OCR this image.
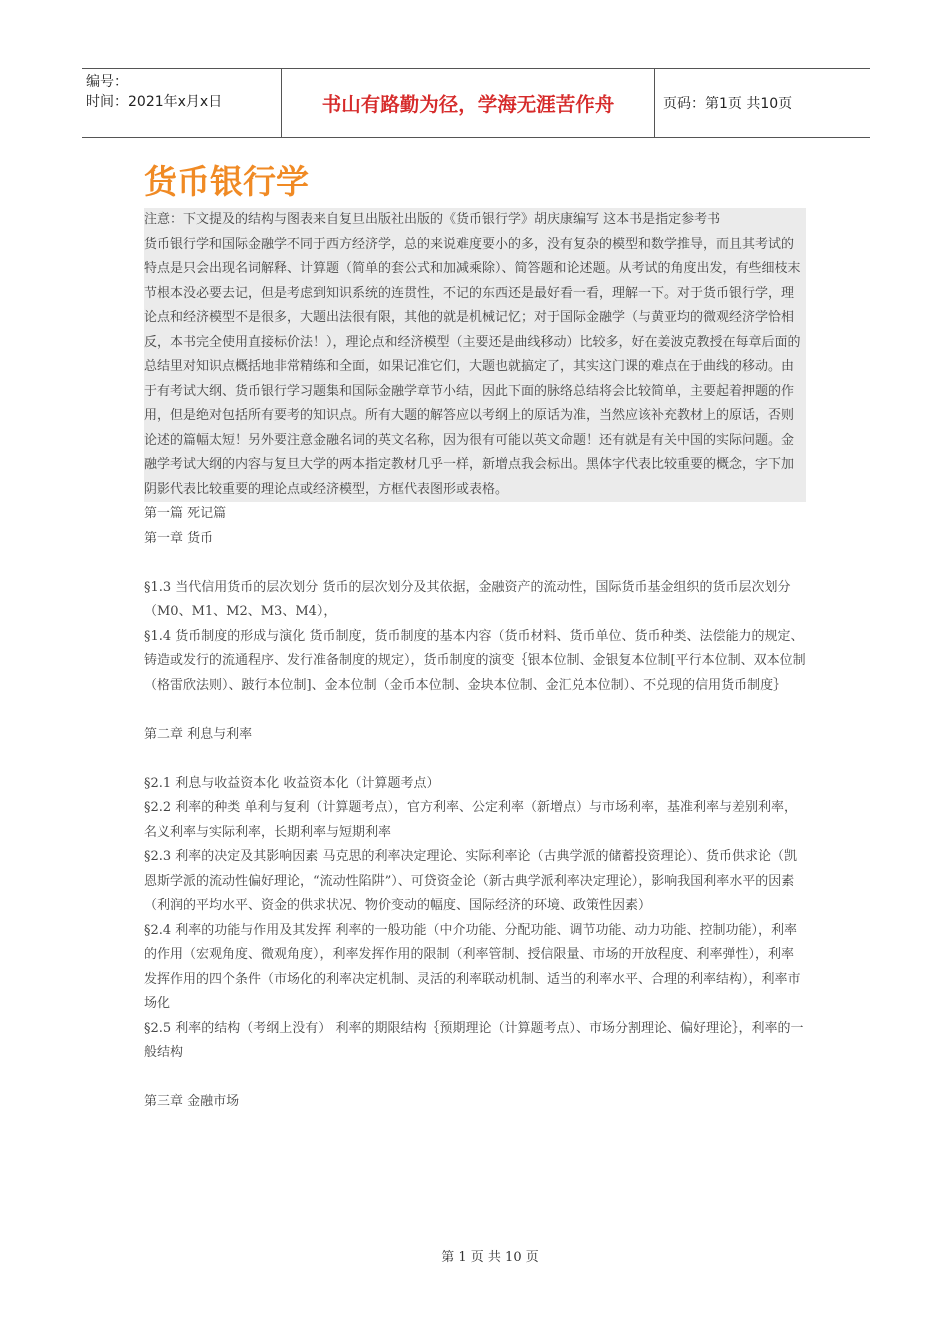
编号：
时间：2021年x月x日	书山有路勤为径，学海无涯苦作舟	页码：第1页 共10页
货币银行学

注意：下文提及的结构与图表来自复旦出版社出版的《货币银行学》胡庆康编写 这本书是指定参考书

货币银行学和国际金融学不同于西方经济学，总的来说难度要小的多，没有复杂的模型和数学推导，而且其考试的特点是只会出现名词解释、计算题（简单的套公式和加减乘除）、简答题和论述题。从考试的角度出发，有些细枝末节根本没必要去记，但是考虑到知识系统的连贯性，不记的东西还是最好看一看，理解一下。对于货币银行学，理论点和经济模型不是很多，大题出法很有限，其他的就是机械记忆；对于国际金融学（与黄亚均的微观经济学恰相反，本书完全使用直接标价法！），理论点和经济模型（主要还是曲线移动）比较多，好在姜波克教授在每章后面的总结里对知识点概括地非常精练和全面，如果记准它们，大题也就搞定了，其实这门课的难点在于曲线的移动。由于有考试大纲、货币银行学习题集和国际金融学章节小结，因此下面的脉络总结将会比较简单，主要起着押题的作用，但是绝对包括所有要考的知识点。所有大题的解答应以考纲上的原话为准，当然应该补充教材上的原话，否则论述的篇幅太短！另外要注意金融名词的英文名称，因为很有可能以英文命题！还有就是有关中国的实际问题。金融学考试大纲的内容与复旦大学的两本指定教材几乎一样，新增点我会标出。黑体字代表比较重要的概念，字下加阴影代表比较重要的理论点或经济模型，方框代表图形或表格。

第一篇 死记篇

第一章 货币

§1.3 当代信用货币的层次划分 货币的层次划分及其依据，金融资产的流动性，国际货币基金组织的货币层次划分

（M0、M1、M2、M3、M4），

§1.4 货币制度的形成与演化 货币制度，货币制度的基本内容（货币材料、货币单位、货币种类、法偿能力的规定、铸造或发行的流通程序、发行准备制度的规定），货币制度的演变｛银本位制、金银复本位制[平行本位制、双本位制（格雷欣法则）、跛行本位制]、金本位制（金币本位制、金块本位制、金汇兑本位制）、不兑现的信用货币制度｝

第二章 利息与利率

§2.1 利息与收益资本化 收益资本化（计算题考点）

§2.2 利率的种类 单利与复利（计算题考点），官方利率、公定利率（新增点）与市场利率，基准利率与差别利率，名义利率与实际利率，长期利率与短期利率

§2.3 利率的决定及其影响因素 马克思的利率决定理论、实际利率论（古典学派的储蓄投资理论）、货币供求论（凯恩斯学派的流动性偏好理论，“流动性陷阱”）、可贷资金论（新古典学派利率决定理论），影响我国利率水平的因素（利润的平均水平、资金的供求状况、物价变动的幅度、国际经济的环境、政策性因素）

§2.4 利率的功能与作用及其发挥 利率的一般功能（中介功能、分配功能、调节功能、动力功能、控制功能），利率的作用（宏观角度、微观角度），利率发挥作用的限制（利率管制、授信限量、市场的开放程度、利率弹性），利率发挥作用的四个条件（市场化的利率决定机制、灵活的利率联动机制、适当的利率水平、合理的利率结构），利率市场化

§2.5 利率的结构（考纲上没有） 利率的期限结构｛预期理论（计算题考点）、市场分割理论、偏好理论｝，利率的一般结构

第三章 金融市场

第 1 页 共 10 页
